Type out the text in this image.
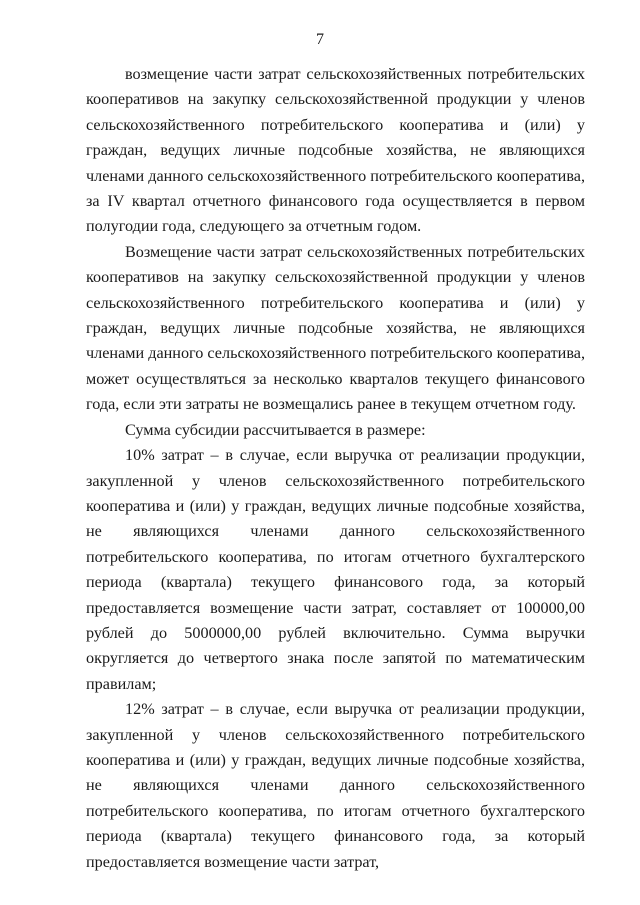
7

возмещение части затрат сельскохозяйственных потребительских кооперативов на закупку сельскохозяйственной продукции у членов сельскохозяйственного потребительского кооператива и (или) у граждан, ведущих личные подсобные хозяйства, не являющихся членами данного сельскохозяйственного потребительского кооператива, за IV квартал отчетного финансового года осуществляется в первом полугодии года, следующего за отчетным годом.

Возмещение части затрат сельскохозяйственных потребительских кооперативов на закупку сельскохозяйственной продукции у членов сельскохозяйственного потребительского кооператива и (или) у граждан, ведущих личные подсобные хозяйства, не являющихся членами данного сельскохозяйственного потребительского кооператива, может осуществляться за несколько кварталов текущего финансового года, если эти затраты не возмещались ранее в текущем отчетном году.

Сумма субсидии рассчитывается в размере:

10% затрат – в случае, если выручка от реализации продукции, закупленной у членов сельскохозяйственного потребительского кооператива и (или) у граждан, ведущих личные подсобные хозяйства, не являющихся членами данного сельскохозяйственного потребительского кооператива, по итогам отчетного бухгалтерского периода (квартала) текущего финансового года, за который предоставляется возмещение части затрат, составляет от 100000,00 рублей до 5000000,00 рублей включительно. Сумма выручки округляется до четвертого знака после запятой по математическим правилам;

12% затрат – в случае, если выручка от реализации продукции, закупленной у членов сельскохозяйственного потребительского кооператива и (или) у граждан, ведущих личные подсобные хозяйства, не являющихся членами данного сельскохозяйственного потребительского кооператива, по итогам отчетного бухгалтерского периода (квартала) текущего финансового года, за который предоставляется возмещение части затрат,
